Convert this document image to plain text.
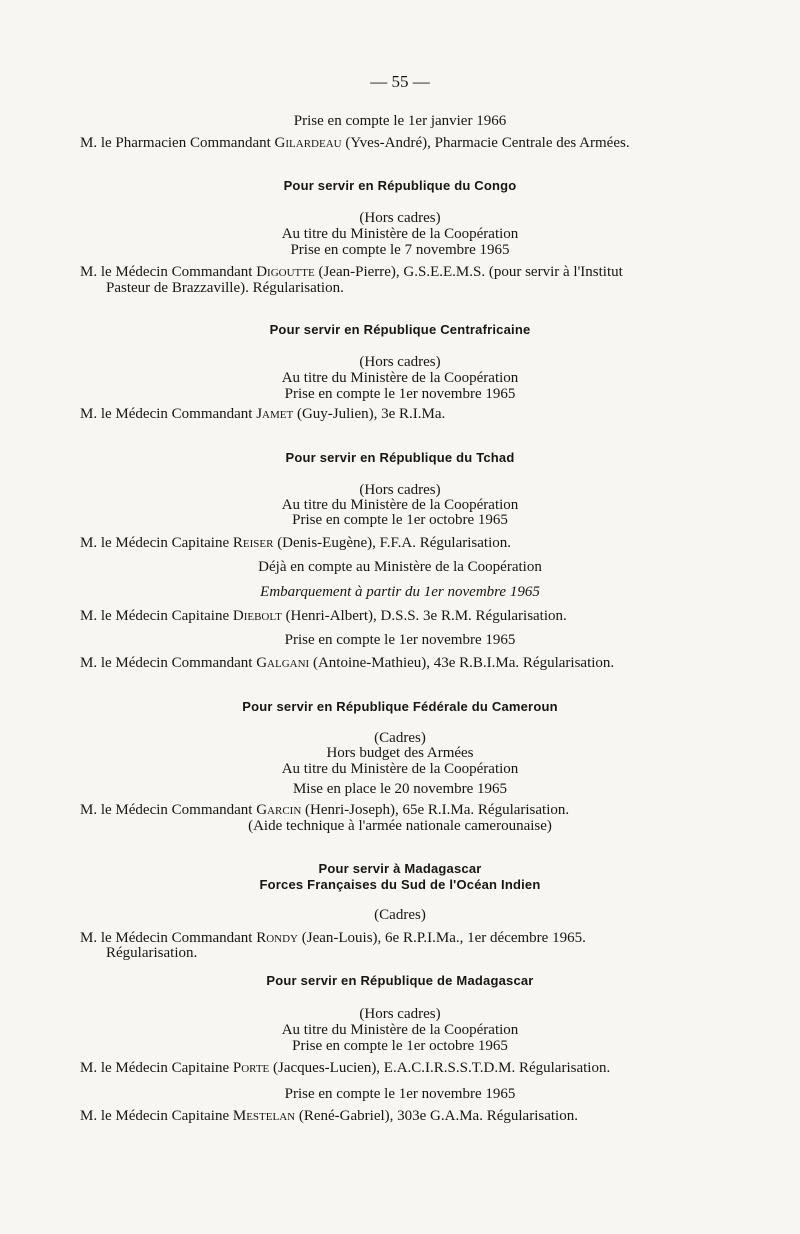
— 55 —
Prise en compte le 1er janvier 1966
M. le Pharmacien Commandant Gilardeau (Yves-André), Pharmacie Centrale des Armées.
Pour servir en République du Congo
(Hors cadres)
Au titre du Ministère de la Coopération
Prise en compte le 7 novembre 1965
M. le Médecin Commandant Digoutte (Jean-Pierre), G.S.E.E.M.S. (pour servir à l'Institut
Pasteur de Brazzaville). Régularisation.
Pour servir en République Centrafricaine
(Hors cadres)
Au titre du Ministère de la Coopération
Prise en compte le 1er novembre 1965
M. le Médecin Commandant Jamet (Guy-Julien), 3e R.I.Ma.
Pour servir en République du Tchad
(Hors cadres)
Au titre du Ministère de la Coopération
Prise en compte le 1er octobre 1965
M. le Médecin Capitaine Reiser (Denis-Eugène), F.F.A. Régularisation.
Déjà en compte au Ministère de la Coopération
Embarquement à partir du 1er novembre 1965
M. le Médecin Capitaine Diebolt (Henri-Albert), D.S.S. 3e R.M. Régularisation.
Prise en compte le 1er novembre 1965
M. le Médecin Commandant Galgani (Antoine-Mathieu), 43e R.B.I.Ma. Régularisation.
Pour servir en République Fédérale du Cameroun
(Cadres)
Hors budget des Armées
Au titre du Ministère de la Coopération
Mise en place le 20 novembre 1965
M. le Médecin Commandant Garcin (Henri-Joseph), 65e R.I.Ma. Régularisation.
(Aide technique à l'armée nationale camerounaise)
Pour servir à Madagascar
Forces Françaises du Sud de l'Océan Indien
(Cadres)
M. le Médecin Commandant Rondy (Jean-Louis), 6e R.P.I.Ma., 1er décembre 1965.
Régularisation.
Pour servir en République de Madagascar
(Hors cadres)
Au titre du Ministère de la Coopération
Prise en compte le 1er octobre 1965
M. le Médecin Capitaine Porte (Jacques-Lucien), E.A.C.I.R.S.S.T.D.M. Régularisation.
Prise en compte le 1er novembre 1965
M. le Médecin Capitaine Mestelan (René-Gabriel), 303e G.A.Ma. Régularisation.
